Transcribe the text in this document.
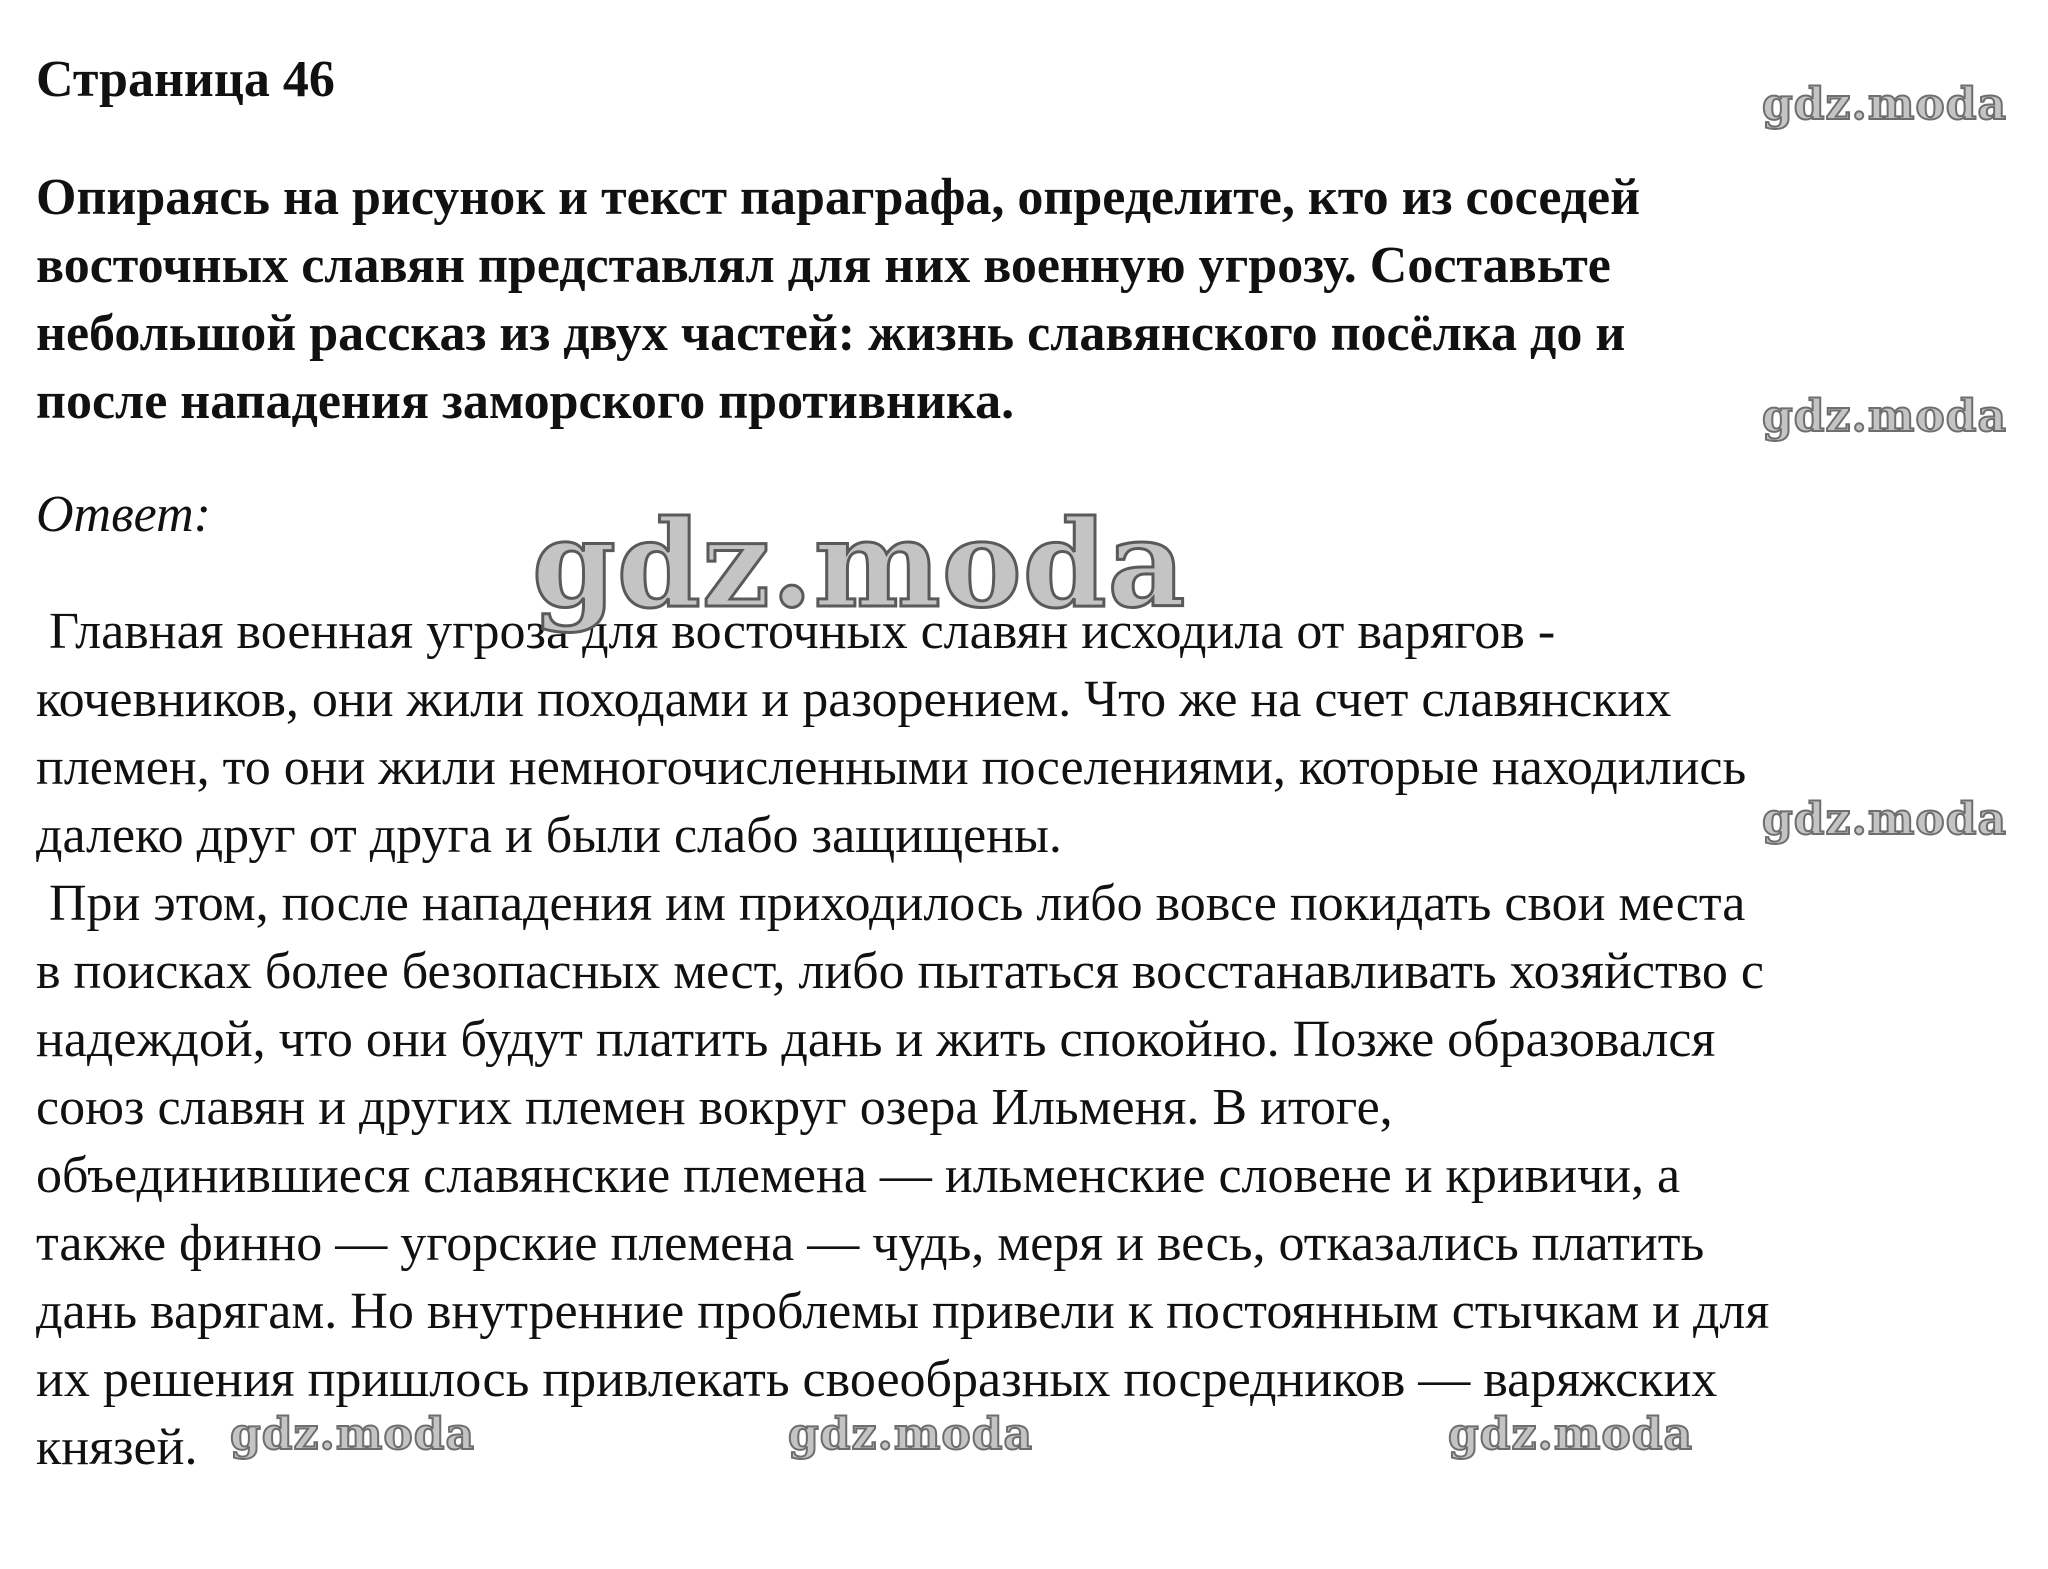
Страница 46
Опираясь на рисунок и текст параграфа, определите, кто из соседей
восточных славян представлял для них военную угрозу. Составьте
небольшой рассказ из двух частей: жизнь славянского посёлка до и
после нападения заморского противника.
Ответ:
Главная военная угроза для восточных славян исходила от варягов -
кочевников, они жили походами и разорением. Что же на счет славянских
племен, то они жили немногочисленными поселениями, которые находились
далеко друг от друга и были слабо защищены.
При этом, после нападения им приходилось либо вовсе покидать свои места
в поисках более безопасных мест, либо пытаться восстанавливать хозяйство с
надеждой, что они будут платить дань и жить спокойно. Позже образовался
союз славян и других племен вокруг озера Ильменя. В итоге,
объединившиеся славянские племена — ильменские словене и кривичи, а
также финно — угорские племена — чудь, меря и весь, отказались платить
дань варягам. Но внутренние проблемы привели к постоянным стычкам и для
их решения пришлось привлекать своеобразных посредников — варяжских
князей.
gdz.moda
gdz.moda
gdz.moda
gdz.moda
gdz.moda	gdz.moda	gdz.moda
